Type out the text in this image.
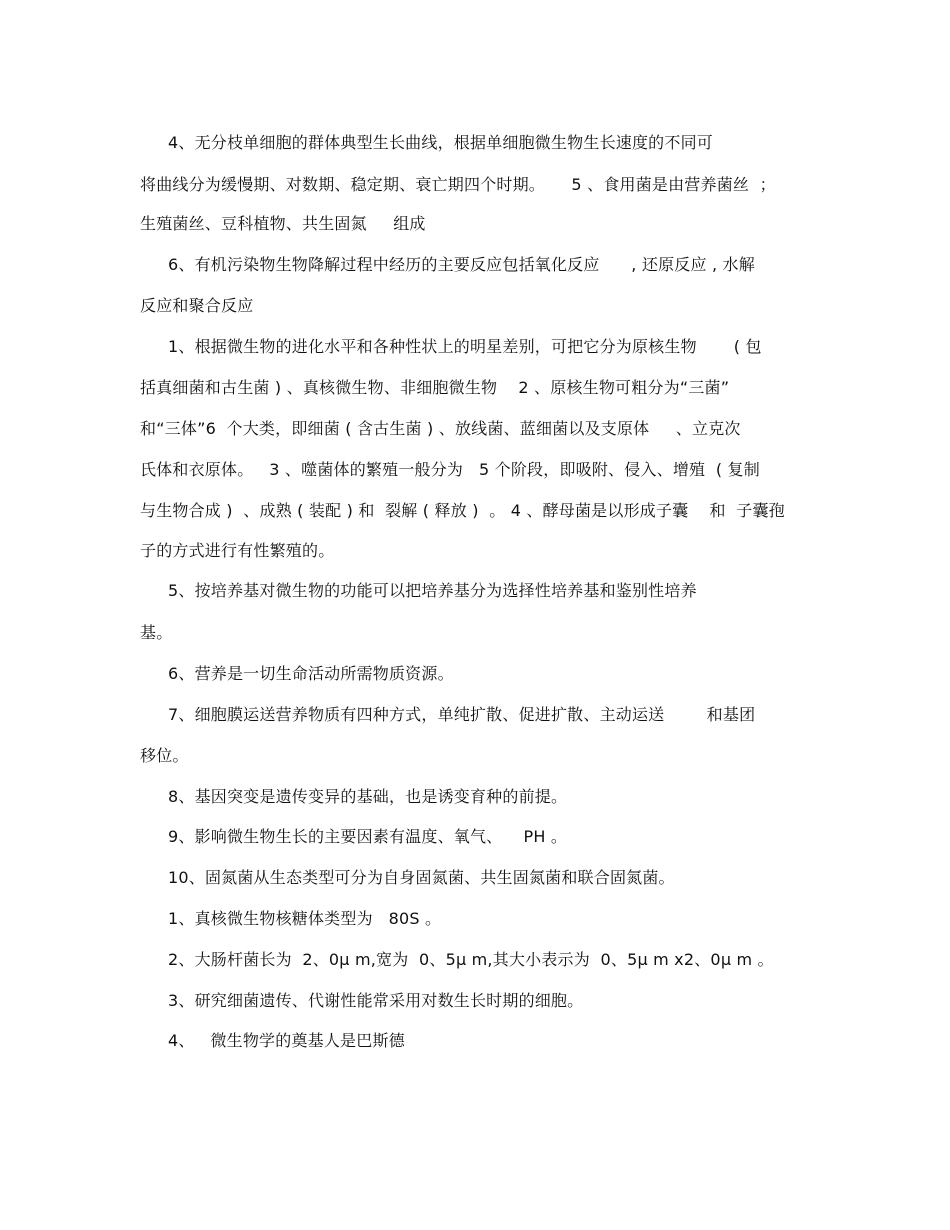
4、无分枝单细胞的群体典型生长曲线，根据单细胞微生物生长速度的不同可
将曲线分为缓慢期、对数期、稳定期、衰亡期四个时期。     5 、食用菌是由营养菌丝  ；
生殖菌丝、豆科植物、共生固氮     组成
6、有机污染物生物降解过程中经历的主要反应包括氧化反应      , 还原反应 , 水解
反应和聚合反应
1、根据微生物的进化水平和各种性状上的明星差别，可把它分为原核生物       ( 包
括真细菌和古生菌 ) 、真核微生物、非细胞微生物    2 、原核生物可粗分为“三菌”
和“三体”6  个大类，即细菌 ( 含古生菌 ) 、放线菌、蓝细菌以及支原体     、立克次
氏体和衣原体。   3 、噬菌体的繁殖一般分为   5 个阶段，即吸附、侵入、增殖  ( 复制
与生物合成 )  、成熟 ( 装配 ) 和  裂解 ( 释放 )  。 4 、酵母菌是以形成子囊    和  子囊孢
子的方式进行有性繁殖的。
5、按培养基对微生物的功能可以把培养基分为选择性培养基和鉴别性培养
基。
6、营养是一切生命活动所需物质资源。
7、细胞膜运送营养物质有四种方式，单纯扩散、促进扩散、主动运送        和基团
移位。
8、基因突变是遗传变异的基础，也是诱变育种的前提。
9、影响微生物生长的主要因素有温度、氧气、    PH 。
10、固氮菌从生态类型可分为自身固氮菌、共生固氮菌和联合固氮菌。
1、真核微生物核糖体类型为   80S 。
2、大肠杆菌长为  2、0μ m,宽为  0、5μ m,其大小表示为  0、5μ m x2、0μ m 。
3、研究细菌遗传、代谢性能常采用对数生长时期的细胞。
4、   微生物学的奠基人是巴斯德
